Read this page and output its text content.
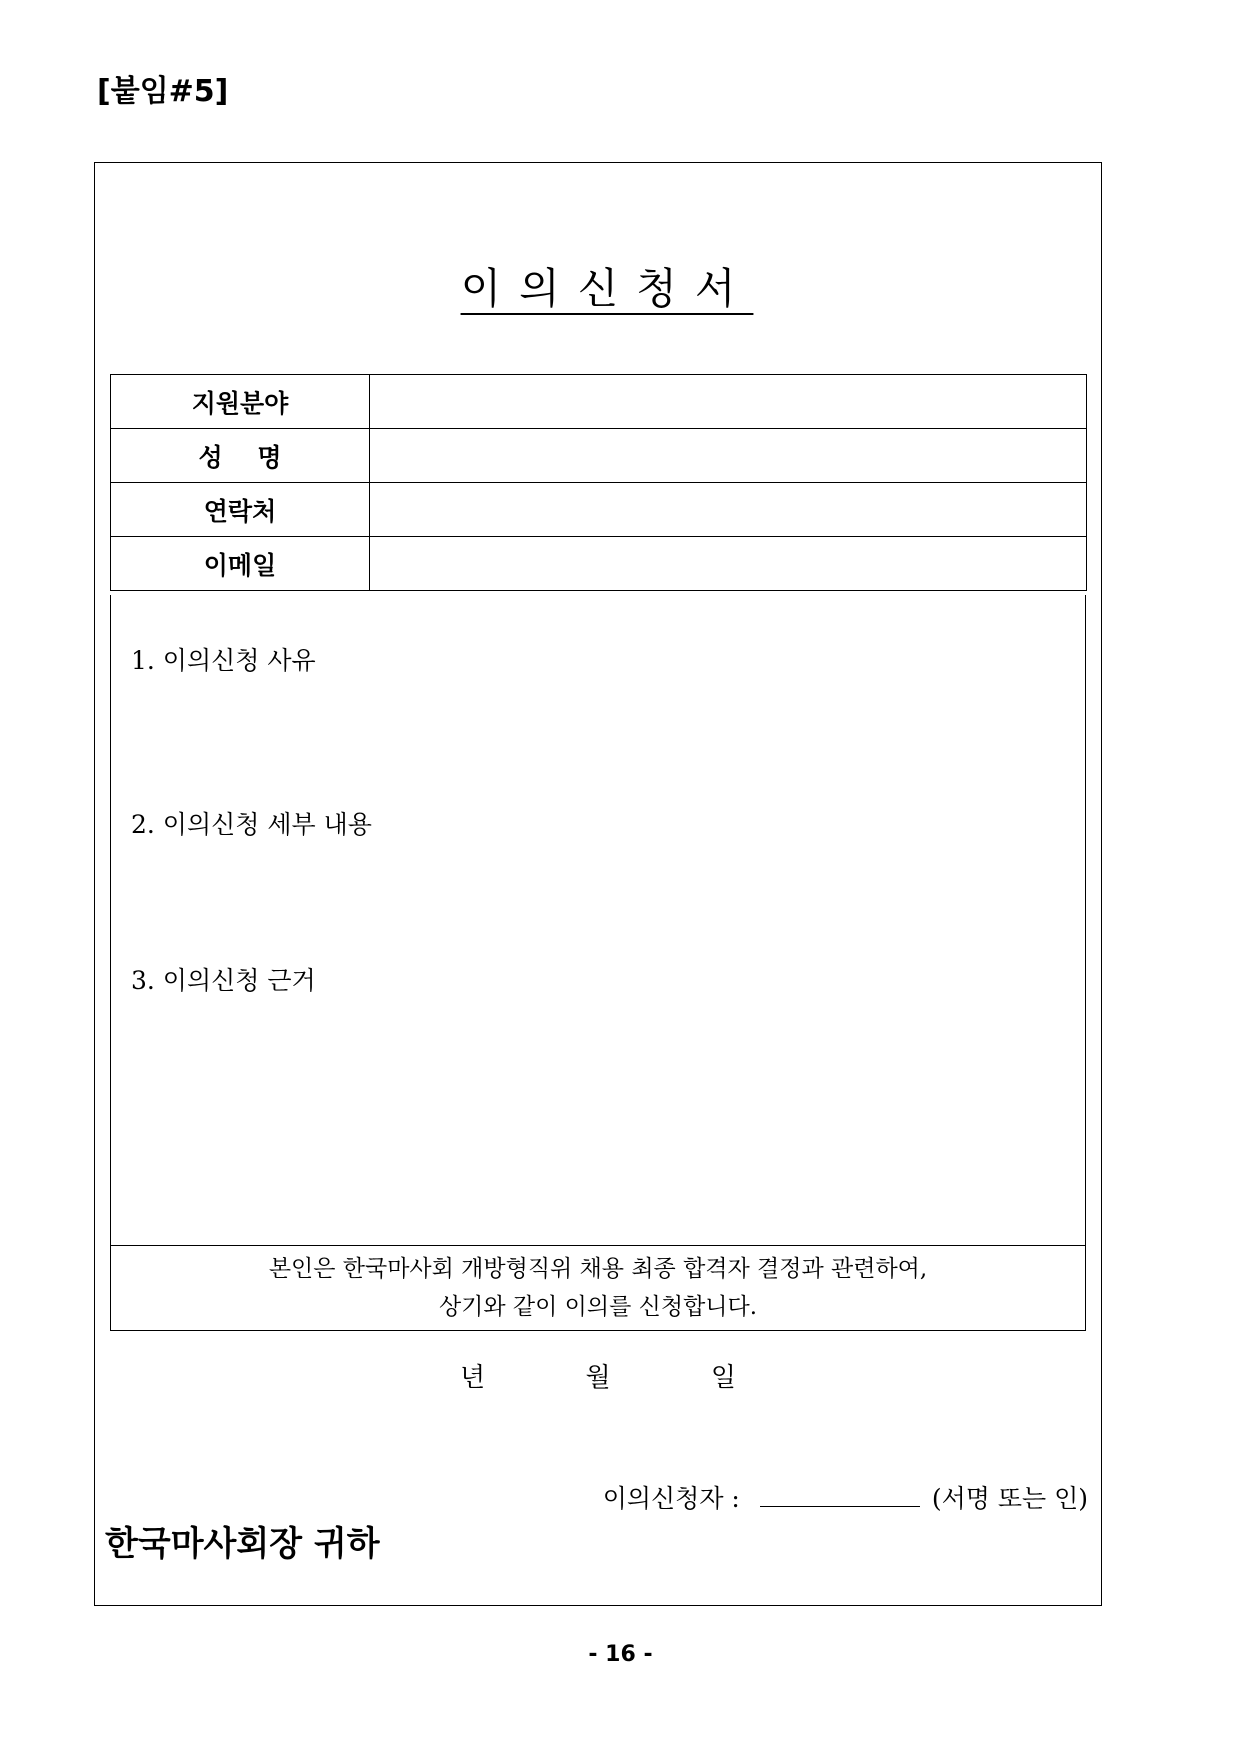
[붙임#5]
이의신청서
지원분야	
성    명	
연락처	
이메일	
1. 이의신청 사유
2. 이의신청 세부 내용
3. 이의신청 근거
본인은 한국마사회 개방형직위 채용 최종 합격자 결정과 관련하여,
상기와 같이 이의를 신청합니다.
년	월	일
이의신청자 :	(서명 또는 인)
한국마사회장 귀하
- 16 -
